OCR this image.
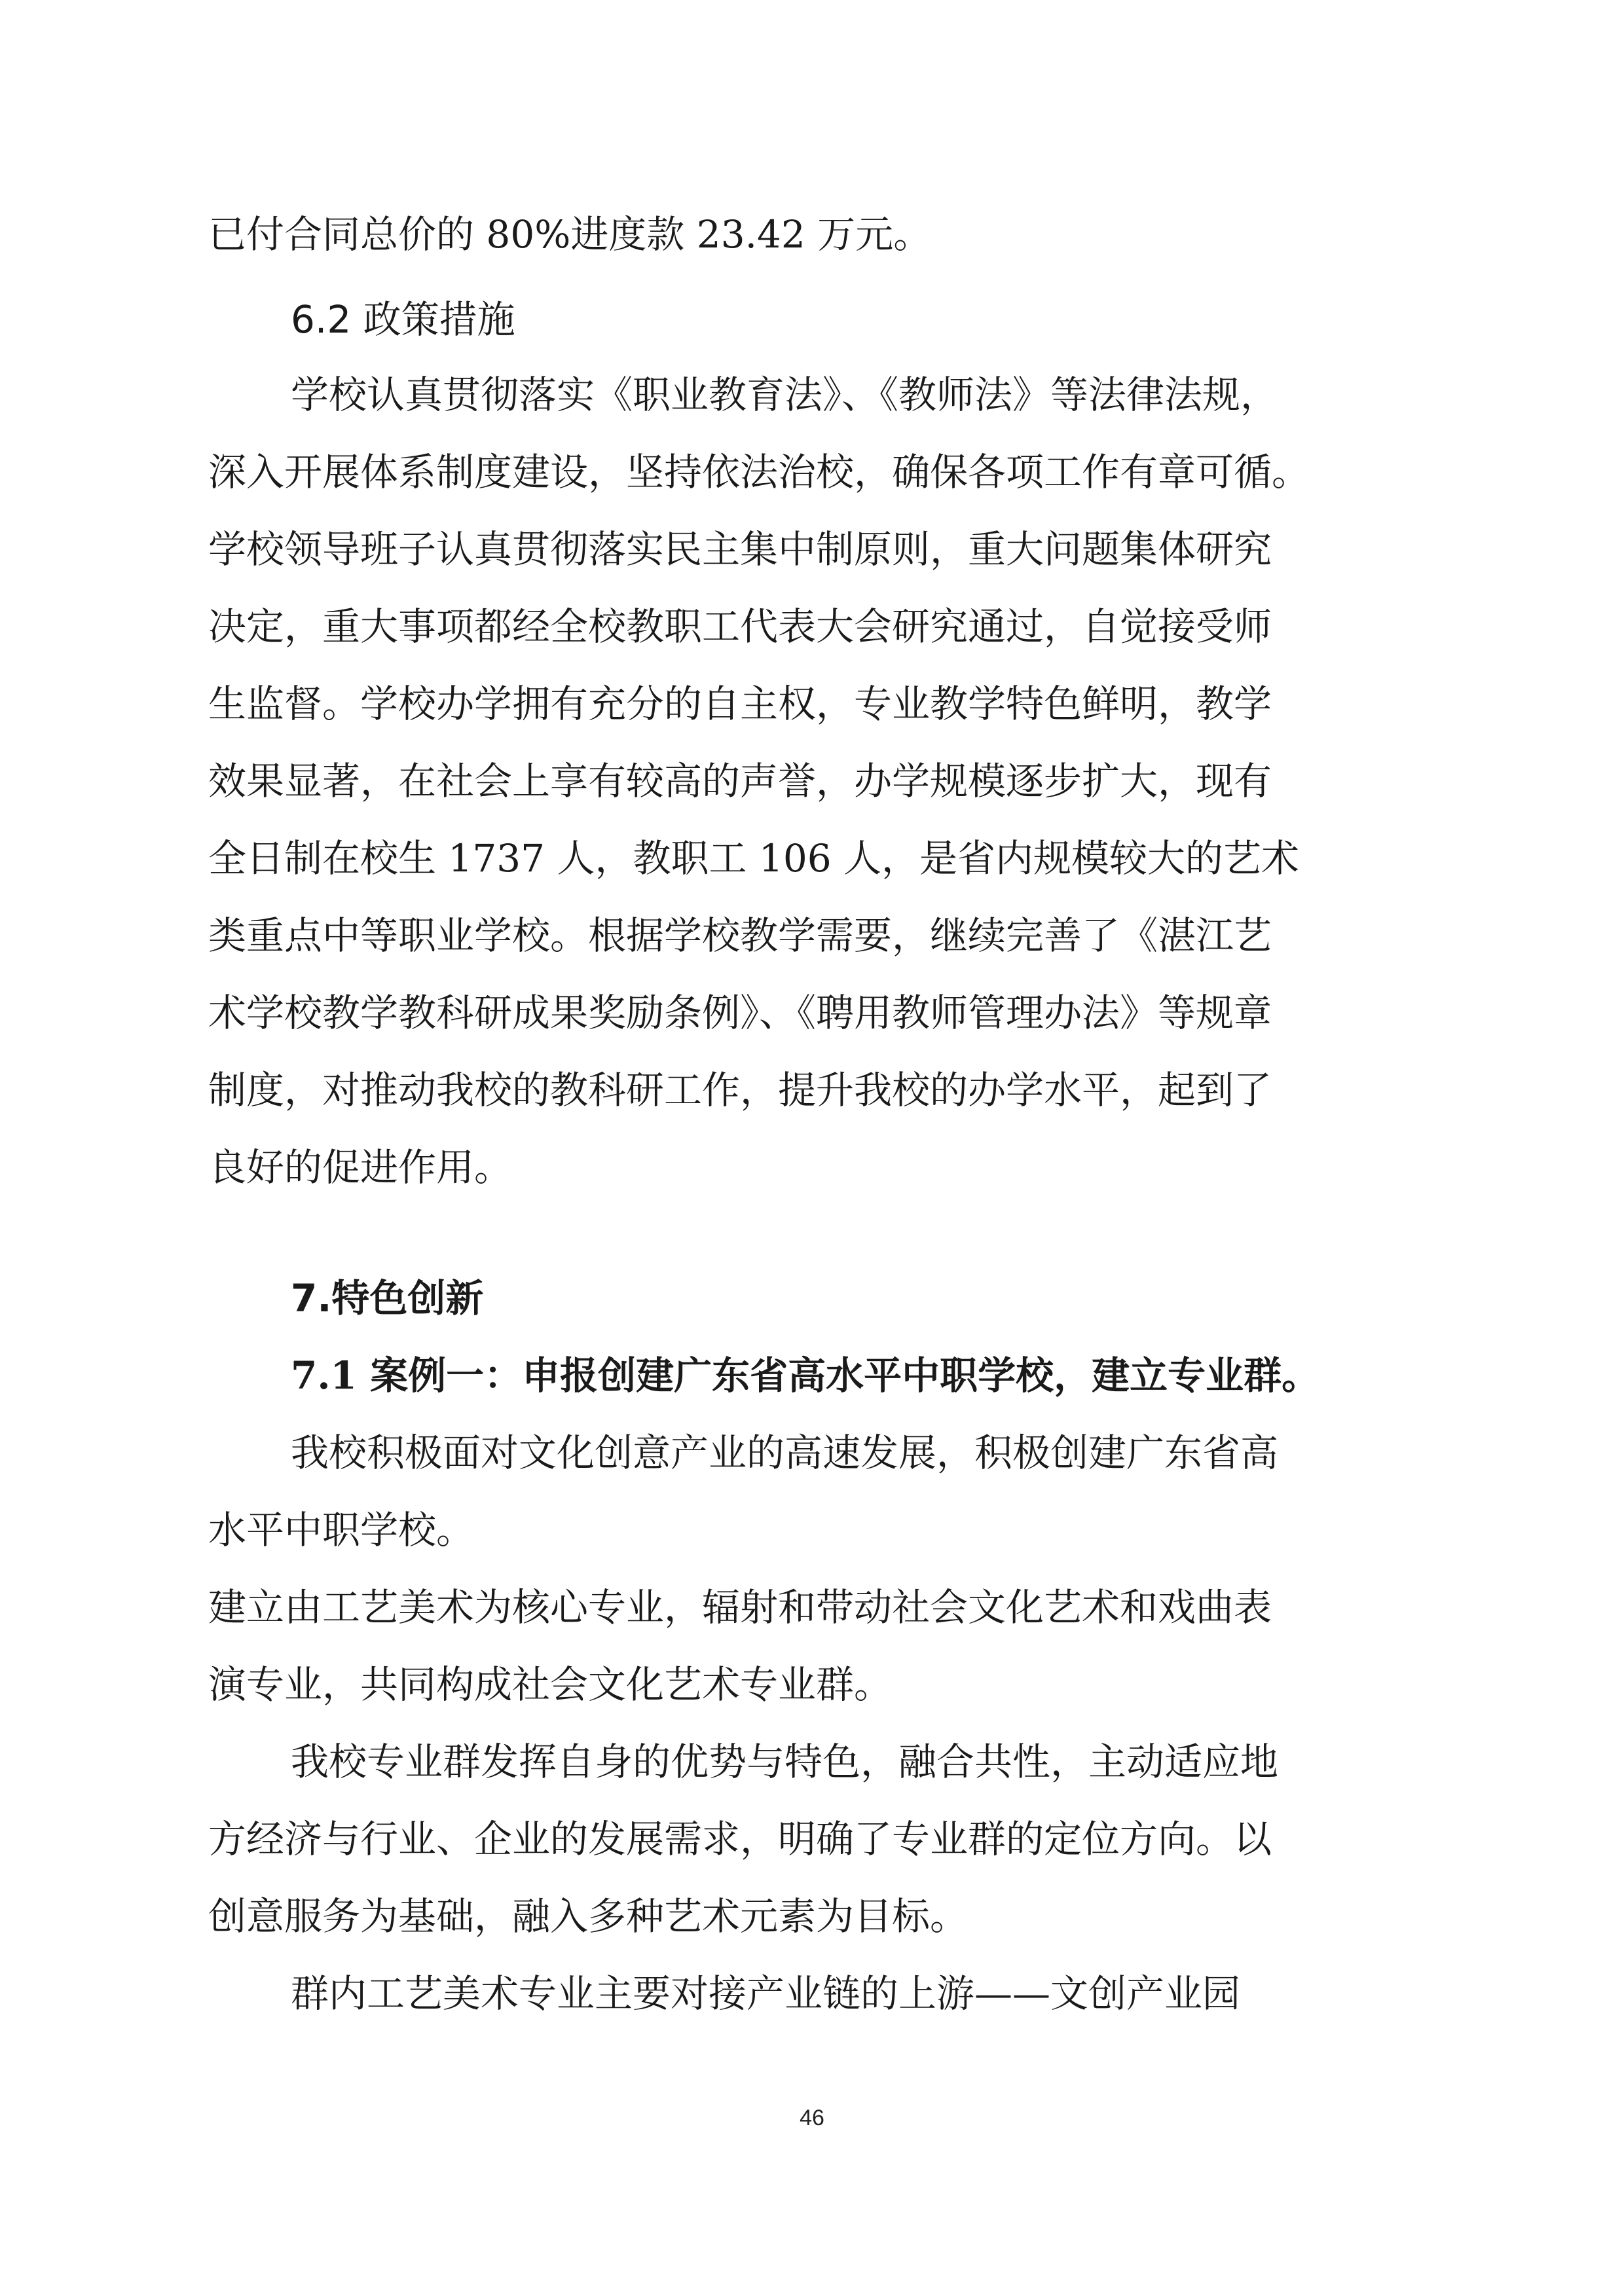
已付合同总价的 80%进度款 23.42 万元。
6.2 政策措施
学校认真贯彻落实《职业教育法》、《教师法》等法律法规，
深入开展体系制度建设，坚持依法治校，确保各项工作有章可循。
学校领导班子认真贯彻落实民主集中制原则，重大问题集体研究
决定，重大事项都经全校教职工代表大会研究通过，自觉接受师
生监督。学校办学拥有充分的自主权，专业教学特色鲜明，教学
效果显著，在社会上享有较高的声誉，办学规模逐步扩大，现有
全日制在校生 1737 人，教职工 106 人，是省内规模较大的艺术
类重点中等职业学校。根据学校教学需要，继续完善了《湛江艺
术学校教学教科研成果奖励条例》、《聘用教师管理办法》等规章
制度，对推动我校的教科研工作，提升我校的办学水平，起到了
良好的促进作用。
7.特色创新
7.1 案例一：申报创建广东省高水平中职学校，建立专业群。
我校积极面对文化创意产业的高速发展，积极创建广东省高
水平中职学校。
建立由工艺美术为核心专业，辐射和带动社会文化艺术和戏曲表
演专业，共同构成社会文化艺术专业群。
我校专业群发挥自身的优势与特色，融合共性，主动适应地
方经济与行业、企业的发展需求，明确了专业群的定位方向。以
创意服务为基础，融入多种艺术元素为目标。
群内工艺美术专业主要对接产业链的上游——文创产业园
46
